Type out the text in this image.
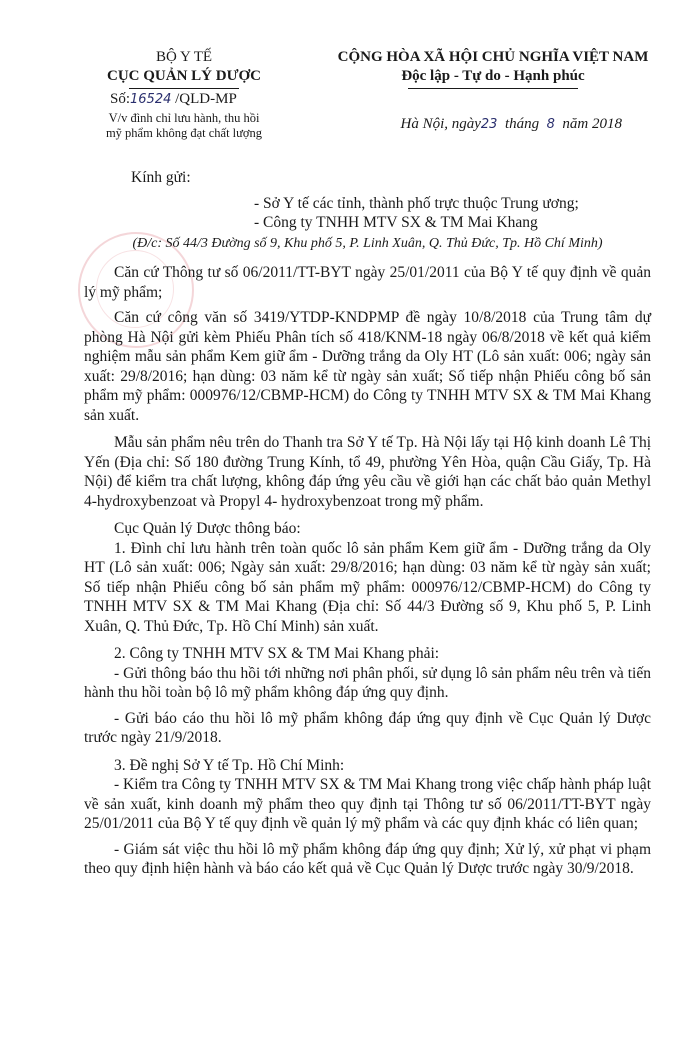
BỘ Y TẾ
CỤC QUẢN LÝ DƯỢC
Số:16524 /QLD-MP
V/v đình chỉ lưu hành, thu hồi
mỹ phẩm không đạt chất lượng
CỘNG HÒA XÃ HỘI CHỦ NGHĨA VIỆT NAM
Độc lập - Tự do - Hạnh phúc
Hà Nội, ngày23 tháng 8 năm 2018
Kính gửi:
- Sở Y tế các tỉnh, thành phố trực thuộc Trung ương;
- Công ty TNHH MTV SX & TM Mai Khang
(Đ/c: Số 44/3 Đường số 9, Khu phố 5, P. Linh Xuân, Q. Thủ Đức, Tp. Hồ Chí Minh)

Căn cứ Thông tư số 06/2011/TT-BYT ngày 25/01/2011 của Bộ Y tế quy định về quản lý mỹ phẩm;

Căn cứ công văn số 3419/YTDP-KNDPMP đề ngày 10/8/2018 của Trung tâm dự phòng Hà Nội gửi kèm Phiếu Phân tích số 418/KNM-18 ngày 06/8/2018 về kết quả kiểm nghiệm mẫu sản phẩm Kem giữ ẩm - Dưỡng trắng da Oly HT (Lô sản xuất: 006; ngày sản xuất: 29/8/2016; hạn dùng: 03 năm kể từ ngày sản xuất; Số tiếp nhận Phiếu công bố sản phẩm mỹ phẩm: 000976/12/CBMP-HCM) do Công ty TNHH MTV SX & TM Mai Khang sản xuất.

Mẫu sản phẩm nêu trên do Thanh tra Sở Y tế Tp. Hà Nội lấy tại Hộ kinh doanh Lê Thị Yến (Địa chỉ: Số 180 đường Trung Kính, tổ 49, phường Yên Hòa, quận Cầu Giấy, Tp. Hà Nội) để kiểm tra chất lượng, không đáp ứng yêu cầu về giới hạn các chất bảo quản Methyl 4-hydroxybenzoat và Propyl 4- hydroxybenzoat trong mỹ phẩm.

Cục Quản lý Dược thông báo:

1. Đình chỉ lưu hành trên toàn quốc lô sản phẩm Kem giữ ẩm - Dưỡng trắng da Oly HT (Lô sản xuất: 006; Ngày sản xuất: 29/8/2016; hạn dùng: 03 năm kể từ ngày sản xuất; Số tiếp nhận Phiếu công bố sản phẩm mỹ phẩm: 000976/12/CBMP-HCM) do Công ty TNHH MTV SX & TM Mai Khang (Địa chỉ: Số 44/3 Đường số 9, Khu phố 5, P. Linh Xuân, Q. Thủ Đức, Tp. Hồ Chí Minh) sản xuất.

2. Công ty TNHH MTV SX & TM Mai Khang phải:

- Gửi thông báo thu hồi tới những nơi phân phối, sử dụng lô sản phẩm nêu trên và tiến hành thu hồi toàn bộ lô mỹ phẩm không đáp ứng quy định.

- Gửi báo cáo thu hồi lô mỹ phẩm không đáp ứng quy định về Cục Quản lý Dược trước ngày 21/9/2018.

3. Đề nghị Sở Y tế Tp. Hồ Chí Minh:

- Kiểm tra Công ty TNHH MTV SX & TM Mai Khang trong việc chấp hành pháp luật về sản xuất, kinh doanh mỹ phẩm theo quy định tại Thông tư số 06/2011/TT-BYT ngày 25/01/2011 của Bộ Y tế quy định về quản lý mỹ phẩm và các quy định khác có liên quan;

- Giám sát việc thu hồi lô mỹ phẩm không đáp ứng quy định; Xử lý, xử phạt vi phạm theo quy định hiện hành và báo cáo kết quả về Cục Quản lý Dược trước ngày 30/9/2018.
